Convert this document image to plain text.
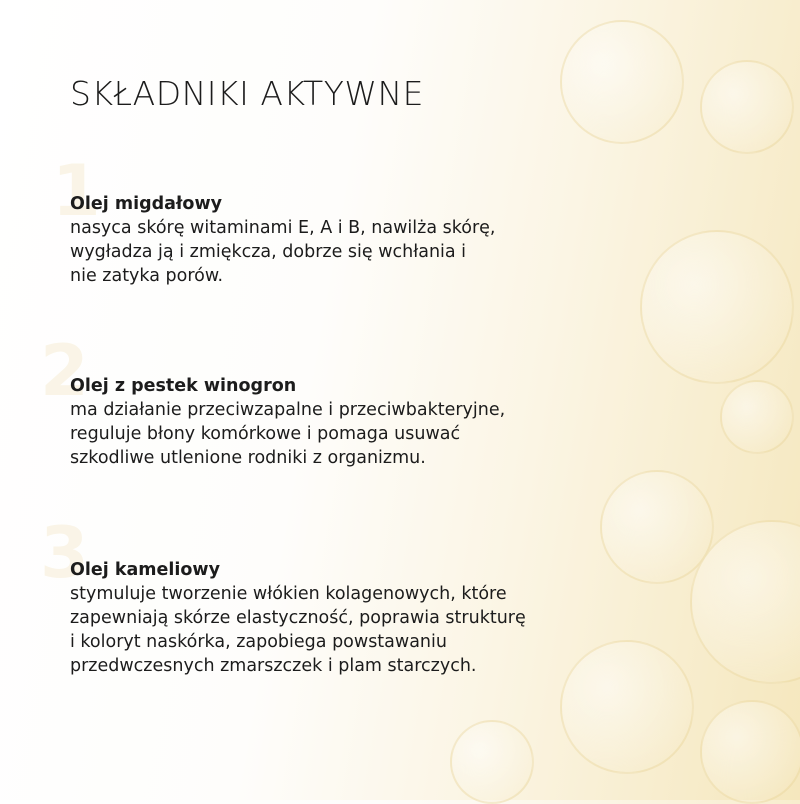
SKŁADNIKI AKTYWNE
1
Olej migdałowy

nasyca skórę witaminami E, A i B, nawilża skórę,

wygładza ją i zmiękcza, dobrze się wchłania i

nie zatyka porów.

2
Olej z pestek winogron

ma działanie przeciwzapalne i przeciwbakteryjne,

reguluje błony komórkowe i pomaga usuwać

szkodliwe utlenione rodniki z organizmu.

3
Olej kameliowy

stymuluje tworzenie włókien kolagenowych, które

zapewniają skórze elastyczność, poprawia strukturę

i koloryt naskórka, zapobiega powstawaniu

przedwczesnych zmarszczek i plam starczych.
